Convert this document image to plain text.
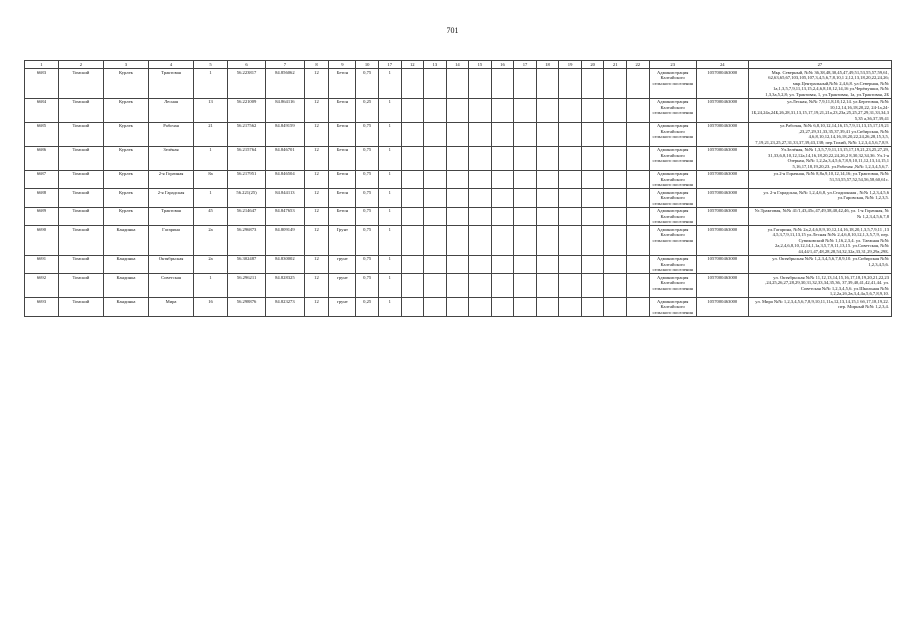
701
1	2	3	4	5	6	7	8	9	10	17	12	13	14	15	16	17	18	19	20	21	22	23	24	27
6683	Томский	Курлек	Трактовая	1	56.223817	84.856062	12	Бетон	0,75	1												Администрация Калтайского сельского поселения	1057000463000	Мкр. Северный, №№ 36,38,48,30,45,47,49,51,53,55,57,59,61, 62,63,65,67,103,105,107,3,4,5,6,7,8,10,1 2,12,13,18,20,22,24,26; мкр.Центральный,№№ 2,4,6,8. ул.Северная, №№ 1а,1,3,5,7,9,11,13,15,2,4,6,8,10,12,14,16 ул.Черёмушки, №№ 1,3,3а,5,2,8; ул. Трактовая, 1, ул.Трактовая, 1а, ул.Трактовая, 2Б
6684	Томский	Курлек	Лесная	13	56.221009	84.864116	12	Бетон	0,25	1												Администрация Калтайского сельского поселения	1057000463000	ул.Лесная, №№ 7,9,11,8,10,12,14. ул.Береговая, №№ 10,12,14,16,18,20,22, 24-1а,24-1Б,24,24а,24Б,26,28,31,13,15,17,19,21,21а,23,23а,25,25,27,29,31,33,34,35,35 а,36,37,39,41
6685	Томский	Курлек	Рабочая	21	56.217562	84.849159	12	Бетон	0,75	1												Администрация Калтайского сельского поселения	1057000463000	ул.Рабочая, №№ 6,8,10,12,14,16,15,7,9,11,13,15,17,19,21 ,23,27,29,31,33,35,37,39,41 ул.Сибирская, №№ 4,6,8,10,12,14,16,18,20,22,24,26,28,15,3,5, 7,19,21,23,25,27,31,33,37,39,43,138; пер.Тихий, №№ 1,2,3,4,5,6,7,8,9.
6686	Томский	Курлек	Зелёная	1	56.215764	84.846701	12	Бетон	0,75	1												Администрация Калтайского сельского поселения	1057000463000	Ул.Зелёная, №№ 1,3,5,7,9,11,13,15,17,19,21,23,25,27,29, 31,33,6,8,10,12,12а,14,16,18,20,22,24,26,2 8,30,32,34,36. Ул.1-я Озерная, №№ 1,2,2а,3,4,5,6,7,8,9,10,11,12,13,14,15,1 5,16,17,18,19,20,23. ул.Рабочая ,№№ 1,2,3,4,5,6,7.
6687	Томский	Курлек	2-я Горачная	8а	56.217951	84.846504	12	Бетон	0,75	1												Администрация Калтайского сельского поселения	1057000463000	ул.2-я Горачная, №№ 8,8а,9,10,12,14,16; ул.Трактовая, №№ 51,53,55,57,52,54,56,58,60,61с.
6688	Томский	Курлек	2-я Гарадская	1	56.221(25)	84.844113	12	Бетон	0,75	1												Администрация Калтайского сельского поселения	1057000463000	ул. 2-я Гарадская, №№ 1,2,4,6,8, ул.Стадионная , №№ 1,2,3,4,5,6 ул.Гаровская, №№ 1,2,3,5.
6689	Томский	Курлек	Трактовая	45	56.214647	84.847653	12	Бетон	0,75	1												Администрация Калтайского сельского поселения	1057000463000	Ул.Трактовая, №№ 41/1,43,45с,47,49,38,40,42,46, ул. 1-я Горачная, №№ 1,2,3,4,5,6,7,8
6690	Томский	Кандинка	Гагарина	2а	56.296873	84.809149	12	Грунт	0,75	1												Администрация Калтайского сельского поселения	1057000463000	ул.Гагарина, №№ 2а,2,4,6,8,9,10,12,14,16,18,20,1,3,5,7,9,11 ,13 4,5,3,7,9,11,13,15 ул.Лесная №№ 2,4,6,8,10,12,1,3,5,7,9, пер. Сувиковский №№ 1,16,2,3,4. ул. Таежная №№ 2а,2,4,6,8,10,12,14,1,1а,3,5,7,9,11,13,15. ул.Советская, №№ 44,44/1,47,48,28,28,54,32,32а,33,31,29,29а,29Б.
6691	Томский	Кандинка	Октябрьская	2а	56.302487	84.830002	12	грунт	0,75	1												Администрация Калтайского сельского поселения	1057000463000	ул. Октябрьская №№ 1,2,3,4,5,6,7,8,9,10. ул.Сибирская №№ 1,2,3,4,5,6.
6692	Томский	Кандинка	Советская	1	56.296211	84.828325	12	грунт	0,75	1												Администрация Калтайского сельского поселения	1057000463000	ул. Октябрьская №№ 11,12,13,14,15,16,17,18,19,20,21,22,23 ,24,25,26,27,28,29,30,31,32,33,34,35,36, 37,39,40,41,42,41,44. ул. Советская №№ 1,2,3,4,5,6. ул.Школьная №№ 1,2,2а,2б,2в,3,4,4а,5,6,7,8,9,10.
6693	Томский	Кандинка	Мира	16	56.298876	84.823273	12	грунт	0,25	1												Администрация Калтайского сельского поселения	1057000463000	ул. Мира №№ 1,2,3,4,5,6,7,8,9,10,11,11а,12,13,14,15,1 6б,17,18,19,22. пер. Мирный №№ 1,2,3,4.
